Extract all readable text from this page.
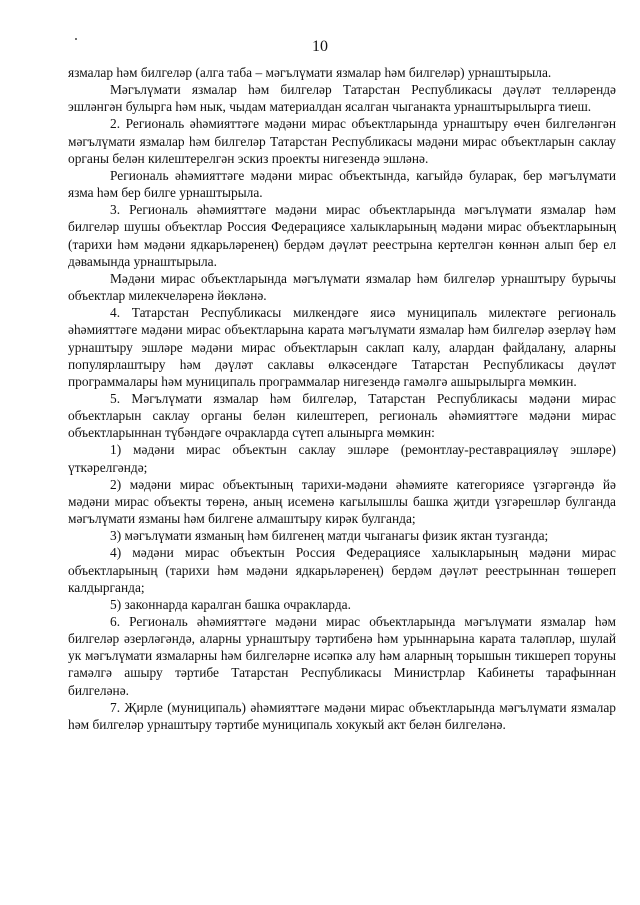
10

язмалар һәм билгеләр (алга таба – мәгълүмати язмалар һәм билгеләр) урнаштырыла.

Мәгълүмати язмалар һәм билгеләр Татарстан Республикасы дәүләт телләрендә эшләнгән булырга һәм нык, чыдам материалдан ясалган чыганакта урнаштырылырга тиеш.

2. Региональ әһәмияттәге мәдәни мирас объектларында урнаштыру өчен билгеләнгән мәгълүмати язмалар һәм билгеләр Татарстан Республикасы мәдәни мирас объектларын саклау органы белән килештерелгән эскиз проекты нигезендә эшләнә.

Региональ әһәмияттәге мәдәни мирас объектында, кагыйдә буларак, бер мәгълүмати язма һәм бер билге урнаштырыла.

3. Региональ әһәмияттәге мәдәни мирас объектларында мәгълүмати язмалар һәм билгеләр шушы объектлар Россия Федерациясе халыкларының мәдәни мирас объектларының (тарихи һәм мәдәни ядкарьләренең) бердәм дәүләт реестрына кертелгән көннән алып бер ел дәвамында урнаштырыла.

Мәдәни мирас объектларында мәгълүмати язмалар һәм билгеләр урнаштыру бурычы объектлар милекчеләренә йөкләнә.

4. Татарстан Республикасы милкендәге яисә муниципаль милектәге региональ әһәмияттәге мәдәни мирас объектларына карата мәгълүмати язмалар һәм билгеләр әзерләү һәм урнаштыру эшләре мәдәни мирас объектларын саклап калу, алардан файдалану, аларны популярлаштыру һәм дәүләт саклавы өлкәсендәге Татарстан Республикасы дәүләт программалары һәм муниципаль программалар нигезендә гамәлгә ашырылырга мөмкин.

5. Мәгълүмати язмалар һәм билгеләр, Татарстан Республикасы мәдәни мирас объектларын саклау органы белән килештереп, региональ әһәмияттәге мәдәни мирас объектларыннан түбәндәге очракларда сүтеп алынырга мөмкин:

1) мәдәни мирас объектын саклау эшләре (ремонтлау-реставрацияләү эшләре) үткәрелгәндә;

2) мәдәни мирас объектының тарихи-мәдәни әһәмияте категориясе үзгәргәндә йә мәдәни мирас объекты төренә, аның исеменә кагылышлы башка җитди үзгәрешләр булганда мәгълүмати язманы һәм билгене алмаштыру кирәк булганда;

3) мәгълүмати язманың һәм билгенең матди чыганагы физик яктан тузганда;

4) мәдәни мирас объектын Россия Федерациясе халыкларының мәдәни мирас объектларының (тарихи һәм мәдәни ядкарьләренең) бердәм дәүләт реестрыннан төшереп калдырганда;

5) законнарда каралган башка очракларда.

6. Региональ әһәмияттәге мәдәни мирас объектларында мәгълүмати язмалар һәм билгеләр әзерләгәндә, аларны урнаштыру тәртибенә һәм урыннарына карата таләпләр, шулай ук мәгълүмати язмаларны һәм билгеләрне исәпкә алу һәм аларның торышын тикшереп торуны гамәлгә ашыру тәртибе Татарстан Республикасы Министрлар Кабинеты тарафыннан билгеләнә.

7. Җирле (муниципаль) әһәмияттәге мәдәни мирас объектларында мәгълүмати язмалар һәм билгеләр урнаштыру тәртибе муниципаль хокукый акт белән билгеләнә.
